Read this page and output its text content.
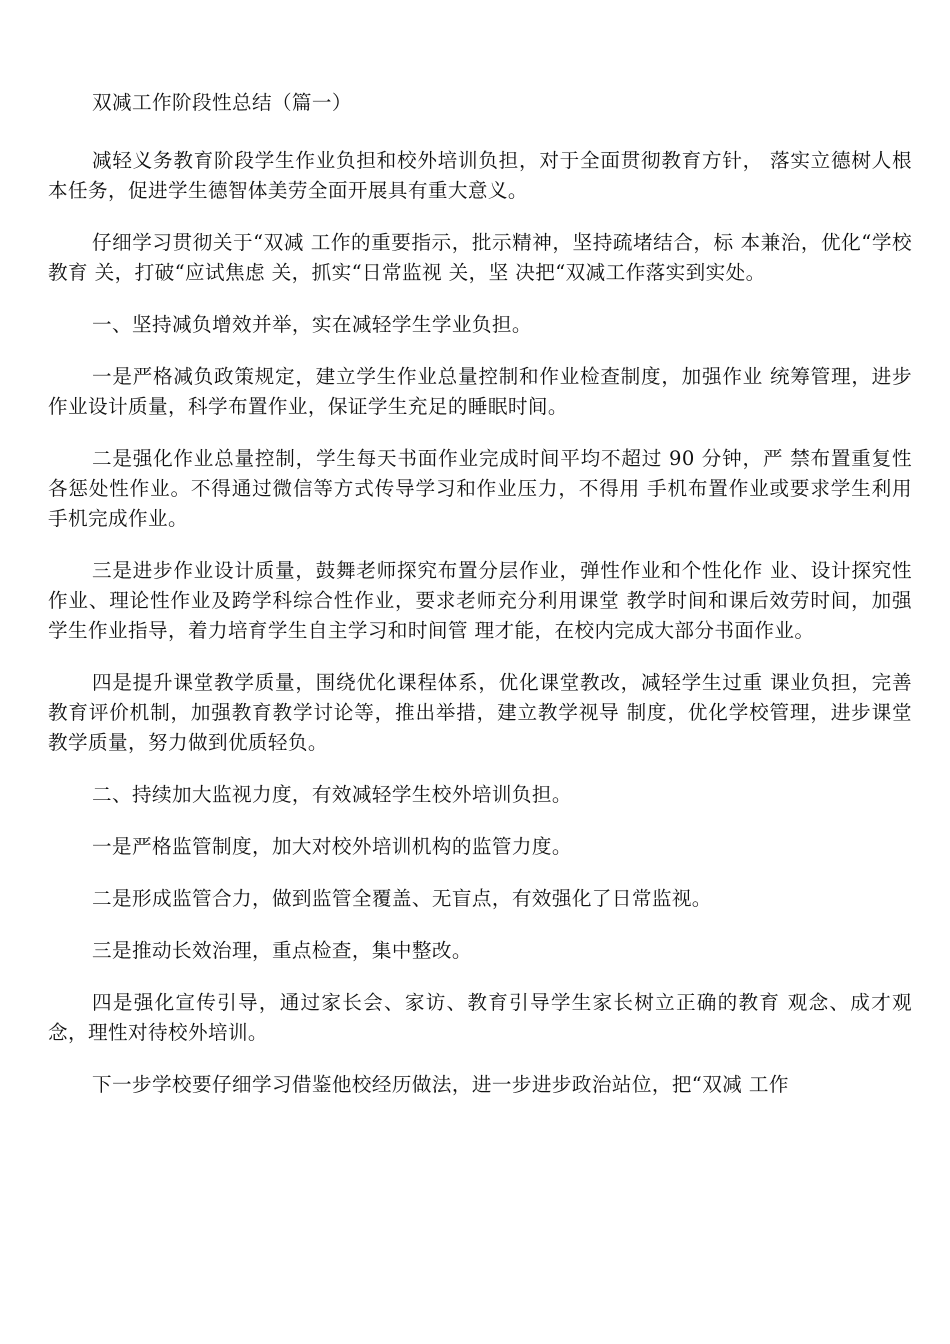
双减工作阶段性总结（篇一）

减轻义务教育阶段学生作业负担和校外培训负担，对于全面贯彻教育方针， 落实立德树人根本任务，促进学生德智体美劳全面开展具有重大意义。

仔细学习贯彻关于“双减 工作的重要指示，批示精神，坚持疏堵结合，标 本兼治，优化“学校教育 关，打破“应试焦虑 关，抓实“日常监视 关，坚 决把“双减工作落实到实处。

一、坚持减负增效并举，实在减轻学生学业负担。

一是严格减负政策规定，建立学生作业总量控制和作业检查制度，加强作业 统筹管理，进步作业设计质量，科学布置作业，保证学生充足的睡眠时间。

二是强化作业总量控制，学生每天书面作业完成时间平均不超过 90 分钟，严 禁布置重复性各惩处性作业。不得通过微信等方式传导学习和作业压力，不得用 手机布置作业或要求学生利用手机完成作业。

三是进步作业设计质量，鼓舞老师探究布置分层作业，弹性作业和个性化作 业、设计探究性作业、理论性作业及跨学科综合性作业，要求老师充分利用课堂 教学时间和课后效劳时间，加强学生作业指导，着力培育学生自主学习和时间管 理才能，在校内完成大部分书面作业。

四是提升课堂教学质量，围绕优化课程体系，优化课堂教改，减轻学生过重 课业负担，完善教育评价机制，加强教育教学讨论等，推出举措，建立教学视导 制度，优化学校管理，进步课堂教学质量，努力做到优质轻负。

二、持续加大监视力度，有效减轻学生校外培训负担。

一是严格监管制度，加大对校外培训机构的监管力度。

二是形成监管合力，做到监管全覆盖、无盲点，有效强化了日常监视。

三是推动长效治理，重点检查，集中整改。

四是强化宣传引导，通过家长会、家访、教育引导学生家长树立正确的教育 观念、成才观念，理性对待校外培训。

下一步学校要仔细学习借鉴他校经历做法，进一步进步政治站位，把“双减 工作
